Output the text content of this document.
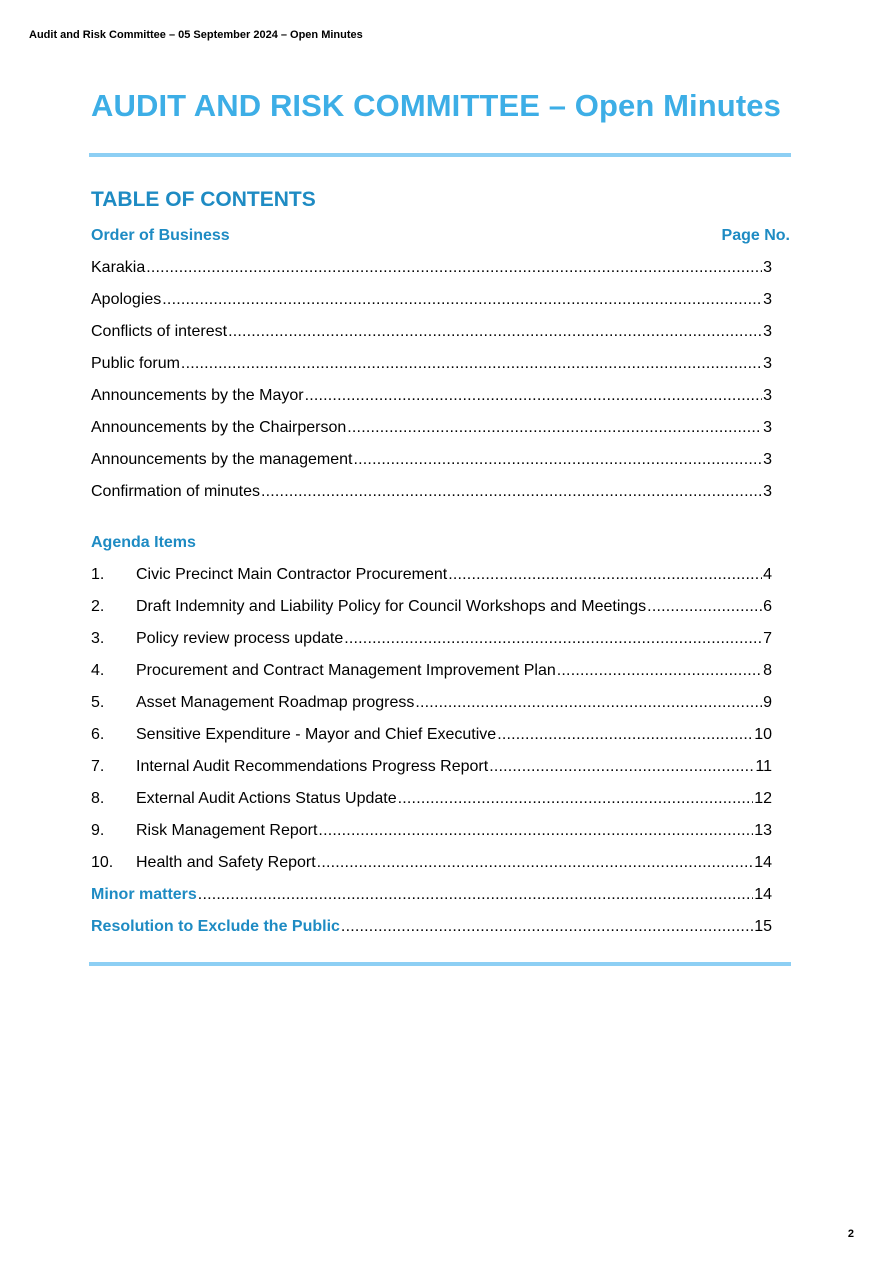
Audit and Risk Committee – 05 September 2024 – Open Minutes
AUDIT AND RISK COMMITTEE – Open Minutes
TABLE OF CONTENTS
Order of Business	Page No.
Karakia .....	3
Apologies .....	3
Conflicts of interest .....	3
Public forum .....	3
Announcements by the Mayor .....	3
Announcements by the Chairperson .....	3
Announcements by the management .....	3
Confirmation of minutes .....	3
Agenda Items
1.	Civic Precinct Main Contractor Procurement .....	4
2.	Draft Indemnity and Liability Policy for Council Workshops and Meetings .....	6
3.	Policy review process update .....	7
4.	Procurement and Contract Management Improvement Plan .....	8
5.	Asset Management Roadmap progress .....	9
6.	Sensitive Expenditure - Mayor and Chief Executive .....	10
7.	Internal Audit Recommendations Progress Report .....	11
8.	External Audit Actions Status Update .....	12
9.	Risk Management Report .....	13
10.	Health and Safety Report .....	14
Minor matters .....	14
Resolution to Exclude the Public .....	15
2
